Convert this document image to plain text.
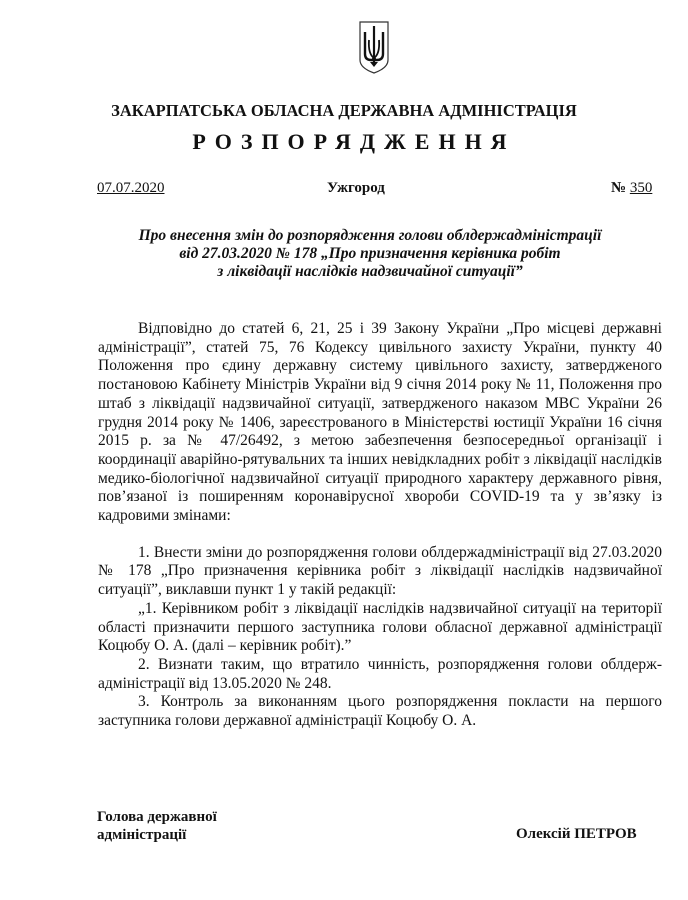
ЗАКАРПАТСЬКА ОБЛАСНА ДЕРЖАВНА АДМІНІСТРАЦІЯ
РОЗПОРЯДЖЕННЯ
07.07.2020	Ужгород	№ 350
Про внесення змін до розпорядження голови облдержадміністрації
від 27.03.2020 № 178 „Про призначення керівника робіт
з ліквідації наслідків надзвичайної ситуації”

Відповідно до статей 6, 21, 25 і 39 Закону України „Про місцеві державні адміністрації”, статей 75, 76 Кодексу цивільного захисту України, пункту 40 Положення про єдину державну систему цивільного захисту, затвердженого постановою Кабінету Міністрів України від 9 січня 2014 року № 11, Положення про штаб з ліквідації надзвичайної ситуації, затвердженого наказом МВС України 26 грудня 2014 року № 1406, зареєстрованого в Міністерстві юстиції України 16 січня 2015 р. за № 47/26492, з метою забезпечення безпосередньої організації і координації аварійно-рятувальних та інших невідкладних робіт з ліквідації наслідків медико-біологічної надзвичайної ситуації природного характеру державного рівня, пов’язаної із поширенням коронавірусної хвороби COVID-19 та у зв’язку із кадровими змінами:

1. Внести зміни до розпорядження голови облдержадміністрації від 27.03.2020 № 178 „Про призначення керівника робіт з ліквідації наслідків надзвичайної ситуації”, виклавши пункт 1 у такій редакції:

„1. Керівником робіт з ліквідації наслідків надзвичайної ситуації на території області призначити першого заступника голови обласної державної адміністрації Коцюбу О. А. (далі – керівник робіт).”

2. Визнати таким, що втратило чинність, розпорядження голови облдерж-адміністрації від 13.05.2020 № 248.

3. Контроль за виконанням цього розпорядження покласти на першого заступника голови державної адміністрації Коцюбу О. А.

Голова державної
адміністрації	Олексій ПЕТРОВ
